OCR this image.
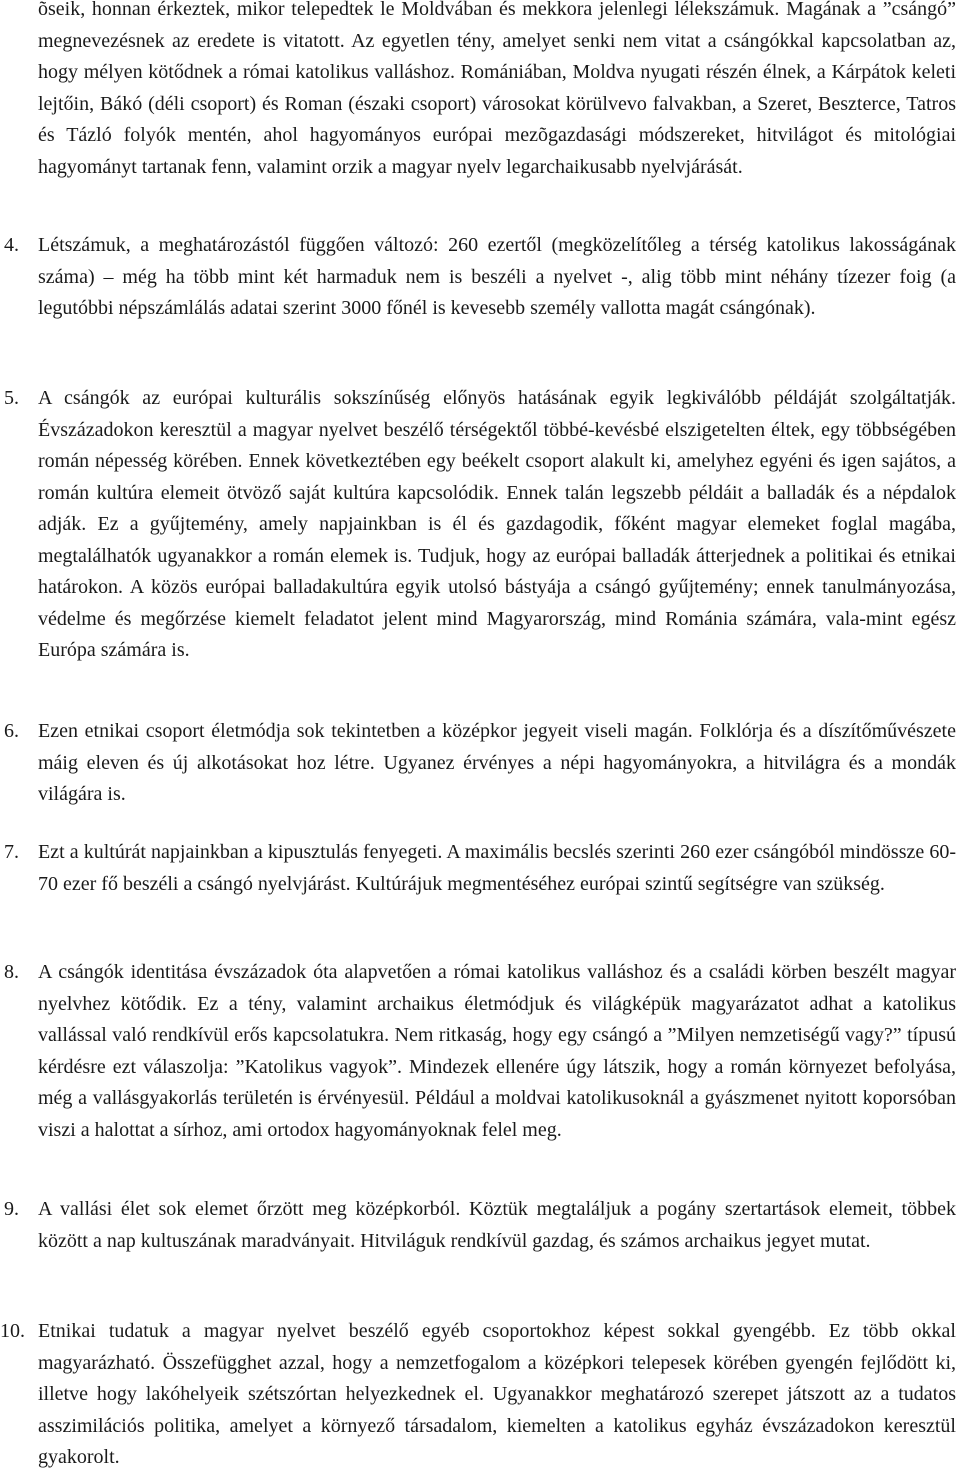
õseik, honnan érkeztek, mikor telepedtek le Moldvában és mekkora jelenlegi lélekszámuk. Magának a ”csángó” megnevezésnek az eredete is vitatott. Az egyetlen tény, amelyet senki nem vitat a csángókkal kapcsolatban az, hogy mélyen kötődnek a római katolikus valláshoz. Romániában, Moldva nyugati részén élnek, a Kárpátok keleti lejtőin, Bákó (déli csoport) és Roman (északi csoport) városokat körülvevo falvakban, a Szeret, Beszterce, Tatros és Tázló folyók mentén, ahol hagyományos európai mezõgazdasági módszereket, hitvilágot és mitológiai hagyományt tartanak fenn, valamint orzik a magyar nyelv legarchaikusabb nyelvjárását.

4. Létszámuk, a meghatározástól függően változó: 260 ezertől (megközelítőleg a térség katolikus lakosságának száma) – még ha több mint két harmaduk nem is beszéli a nyelvet -, alig több mint néhány tízezer foig (a legutóbbi népszámlálás adatai szerint 3000 főnél is kevesebb személy vallotta magát csángónak).

5. A csángók az európai kulturális sokszínűség előnyös hatásának egyik legkiválóbb példáját szolgáltatják. Évszázadokon keresztül a magyar nyelvet beszélő térségektől többé-kevésbé elszigetelten éltek, egy többségében román népesség körében. Ennek következtében egy beékelt csoport alakult ki, amelyhez egyéni és igen sajátos, a román kultúra elemeit ötvöző saját kultúra kapcsolódik. Ennek talán legszebb példáit a balladák és a népdalok adják. Ez a gyűjtemény, amely napjainkban is él és gazdagodik, főként magyar elemeket foglal magába, megtalálhatók ugyanakkor a román elemek is. Tudjuk, hogy az európai balladák átterjednek a politikai és etnikai határokon. A közös európai balladakultúra egyik utolsó bástyája a csángó gyűjtemény; ennek tanulmányozása, védelme és megőrzése kiemelt feladatot jelent mind Magyarország, mind Románia számára, vala-mint egész Európa számára is.

6. Ezen etnikai csoport életmódja sok tekintetben a középkor jegyeit viseli magán. Folklórja és a díszítőművészete máig eleven és új alkotásokat hoz létre. Ugyanez érvényes a népi hagyományokra, a hitvilágra és a mondák világára is.

7. Ezt a kultúrát napjainkban a kipusztulás fenyegeti. A maximális becslés szerinti 260 ezer csángóból mindössze 60-70 ezer fő beszéli a csángó nyelvjárást. Kultúrájuk megmentéséhez európai szintű segítségre van szükség.

8. A csángók identitása évszázadok óta alapvetően a római katolikus valláshoz és a családi körben beszélt magyar nyelvhez kötődik. Ez a tény, valamint archaikus életmódjuk és világképük magyarázatot adhat a katolikus vallással való rendkívül erős kapcsolatukra. Nem ritkaság, hogy egy csángó a ”Milyen nemzetiségű vagy?” típusú kérdésre ezt válaszolja: ”Katolikus vagyok”. Mindezek ellenére úgy látszik, hogy a román környezet befolyása, még a vallásgyakorlás területén is érvényesül. Például a moldvai katolikusoknál a gyászmenet nyitott koporsóban viszi a halottat a sírhoz, ami ortodox hagyományoknak felel meg.

9. A vallási élet sok elemet őrzött meg középkorból. Köztük megtaláljuk a pogány szertartások elemeit, többek között a nap kultuszának maradványait. Hitviláguk rendkívül gazdag, és számos archaikus jegyet mutat.

10. Etnikai tudatuk a magyar nyelvet beszélő egyéb csoportokhoz képest sokkal gyengébb. Ez több okkal magyarázható. Összefügghet azzal, hogy a nemzetfogalom a középkori telepesek körében gyengén fejlődött ki, illetve hogy lakóhelyeik szétszórtan helyezkednek el. Ugyanakkor meghatározó szerepet játszott az a tudatos asszimilációs politika, amelyet a környező társadalom, kiemelten a katolikus egyház évszázadokon keresztül gyakorolt.
